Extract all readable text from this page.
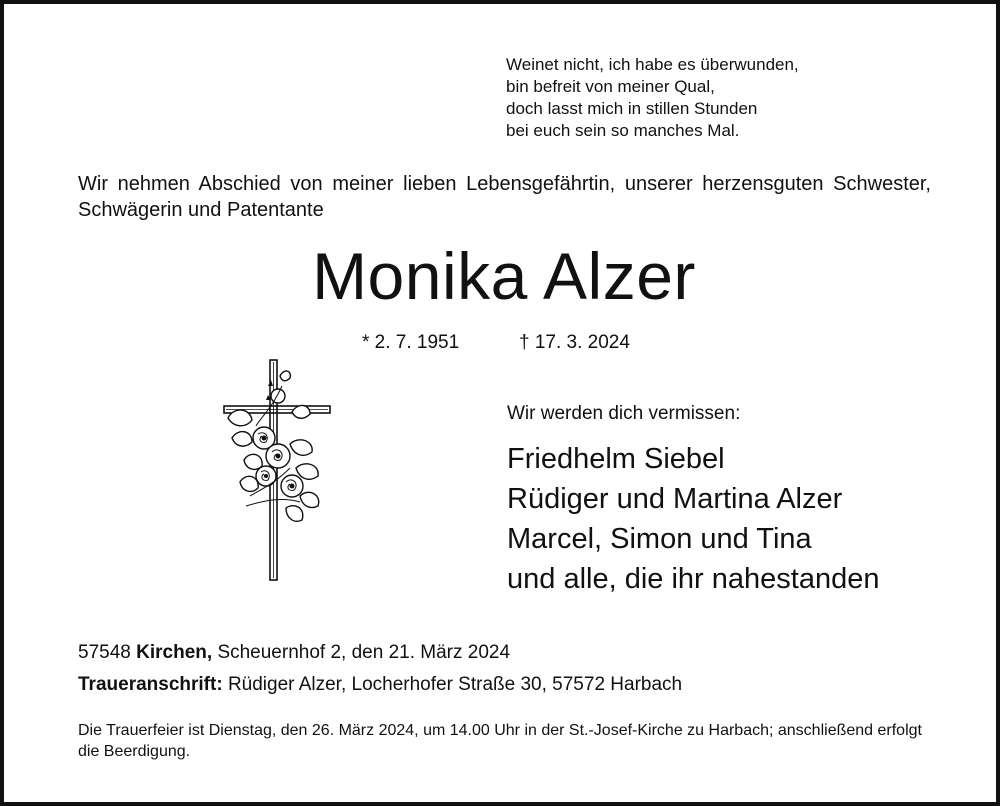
Weinet nicht, ich habe es überwunden,
bin befreit von meiner Qual,
doch lasst mich in stillen Stunden
bei euch sein so manches Mal.

Wir nehmen Abschied von meiner lieben Lebensgefährtin, unserer herzensguten Schwester, Schwägerin und Patentante

Monika Alzer
* 2. 7. 1951	† 17. 3. 2024
Wir werden dich vermissen:
Friedhelm Siebel
Rüdiger und Martina Alzer
Marcel, Simon und Tina
und alle, die ihr nahestanden
57548 Kirchen, Scheuernhof 2, den 21. März 2024
Traueranschrift: Rüdiger Alzer, Locherhofer Straße 30, 57572 Harbach

Die Trauerfeier ist Dienstag, den 26. März 2024, um 14.00 Uhr in der St.-Josef-Kirche zu Harbach; anschließend erfolgt die Beerdigung.
